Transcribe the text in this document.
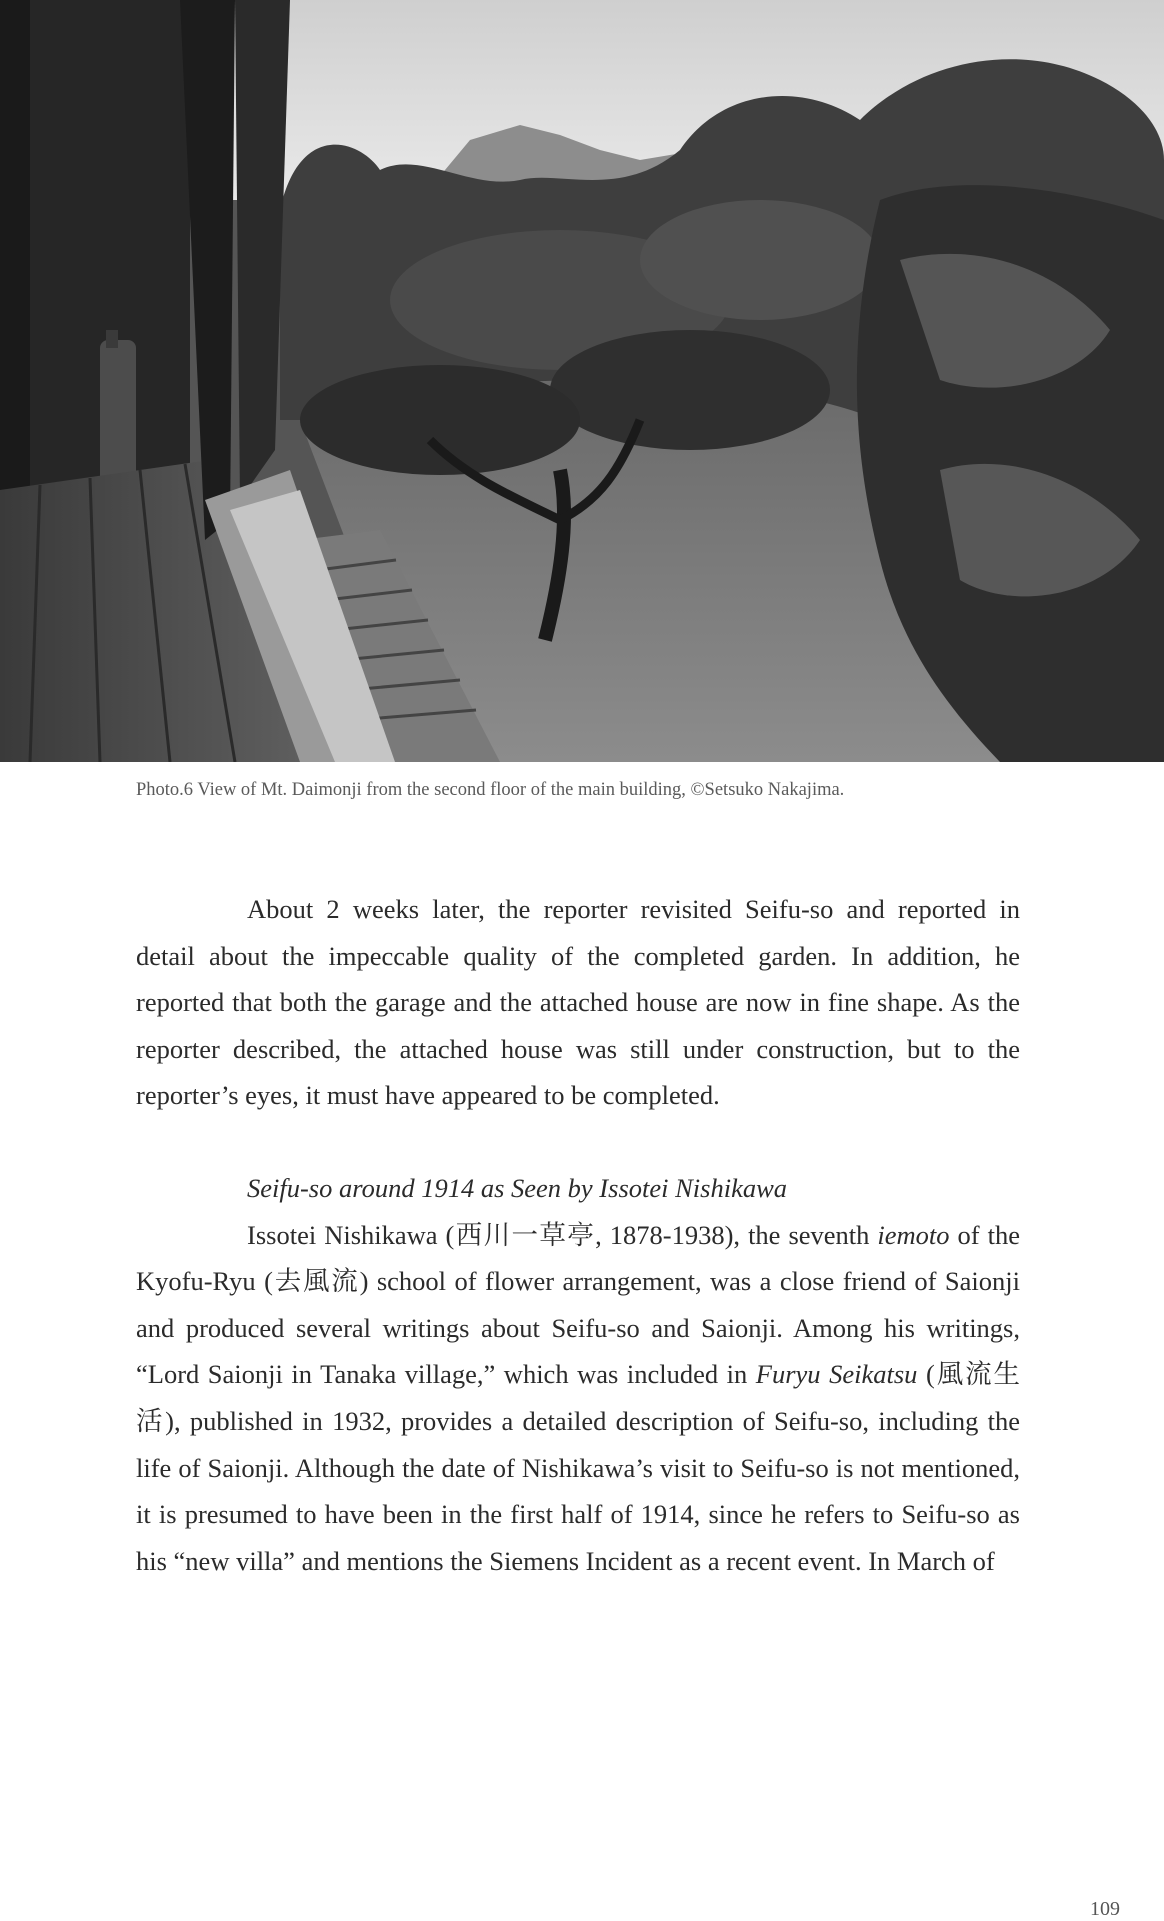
Photo.6 View of Mt. Daimonji from the second floor of the main building, ©Setsuko Nakajima.

About 2 weeks later, the reporter revisited Seifu-so and reported in detail about the impeccable quality of the completed garden. In addition, he reported that both the garage and the attached house are now in fine shape. As the reporter described, the attached house was still under construction, but to the reporter’s eyes, it must have appeared to be completed.

Seifu-so around 1914 as Seen by Issotei Nishikawa

Issotei Nishikawa (西川一草亭, 1878-1938), the seventh iemoto of the Kyofu-Ryu (去風流) school of flower arrangement, was a close friend of Saionji and produced several writings about Seifu-so and Saionji. Among his writings, “Lord Saionji in Tanaka village,” which was included in Furyu Seikatsu (風流生活), published in 1932, provides a detailed description of Seifu-so, including the life of Saionji. Although the date of Nishikawa’s visit to Seifu-so is not mentioned, it is presumed to have been in the first half of 1914, since he refers to Seifu-so as his “new villa” and mentions the Siemens Incident as a recent event. In March of

109
